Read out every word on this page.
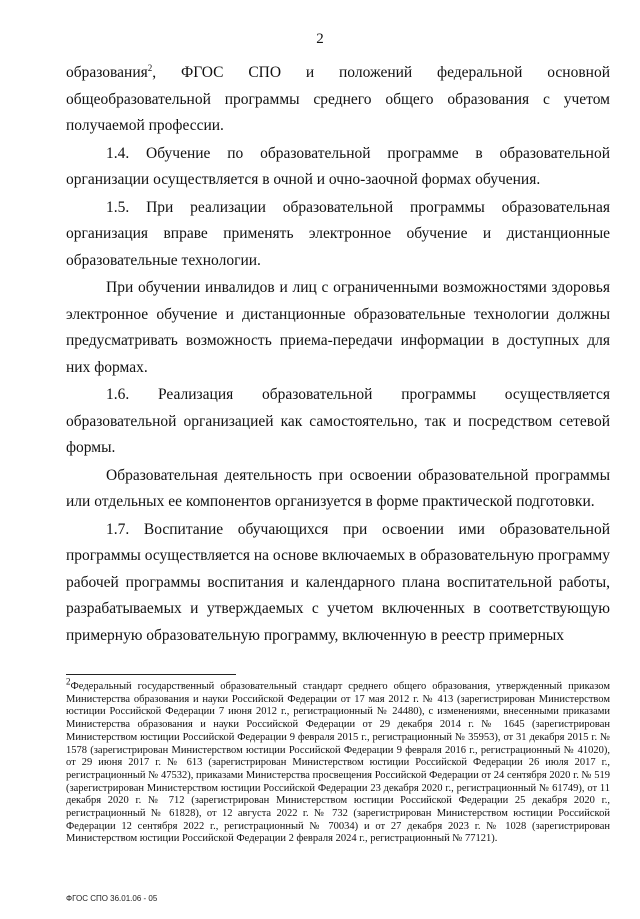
2

образования$^2$, ФГОС СПО и положений федеральной основной общеобразовательной программы среднего общего образования с учетом получаемой профессии.

1.4. Обучение по образовательной программе в образовательной организации осуществляется в очной и очно-заочной формах обучения.

1.5. При реализации образовательной программы образовательная организация вправе применять электронное обучение и дистанционные образовательные технологии.

При обучении инвалидов и лиц с ограниченными возможностями здоровья электронное обучение и дистанционные образовательные технологии должны предусматривать возможность приема-передачи информации в доступных для них формах.

1.6. Реализация образовательной программы осуществляется образовательной организацией как самостоятельно, так и посредством сетевой формы.

Образовательная деятельность при освоении образовательной программы или отдельных ее компонентов организуется в форме практической подготовки.

1.7. Воспитание обучающихся при освоении ими образовательной программы осуществляется на основе включаемых в образовательную программу рабочей программы воспитания и календарного плана воспитательной работы, разрабатываемых и утверждаемых с учетом включенных в соответствующую примерную образовательную программу, включенную в реестр примерных

$^2$Федеральный государственный образовательный стандарт среднего общего образования, утвержденный приказом Министерства образования и науки Российской Федерации от 17 мая 2012 г. № 413 (зарегистрирован Министерством юстиции Российской Федерации 7 июня 2012 г., регистрационный № 24480), с изменениями, внесенными приказами Министерства образования и науки Российской Федерации от 29 декабря 2014 г. № 1645 (зарегистрирован Министерством юстиции Российской Федерации 9 февраля 2015 г., регистрационный № 35953), от 31 декабря 2015 г. № 1578 (зарегистрирован Министерством юстиции Российской Федерации 9 февраля 2016 г., регистрационный № 41020), от 29 июня 2017 г. № 613 (зарегистрирован Министерством юстиции Российской Федерации 26 июля 2017 г., регистрационный № 47532), приказами Министерства просвещения Российской Федерации от 24 сентября 2020 г. № 519 (зарегистрирован Министерством юстиции Российской Федерации 23 декабря 2020 г., регистрационный № 61749), от 11 декабря 2020 г. № 712 (зарегистрирован Министерством юстиции Российской Федерации 25 декабря 2020 г., регистрационный № 61828), от 12 августа 2022 г. № 732 (зарегистрирован Министерством юстиции Российской Федерации 12 сентября 2022 г., регистрационный № 70034) и от 27 декабря 2023 г. № 1028 (зарегистрирован Министерством юстиции Российской Федерации 2 февраля 2024 г., регистрационный № 77121).
ФГОС СПО 36.01.06 - 05
